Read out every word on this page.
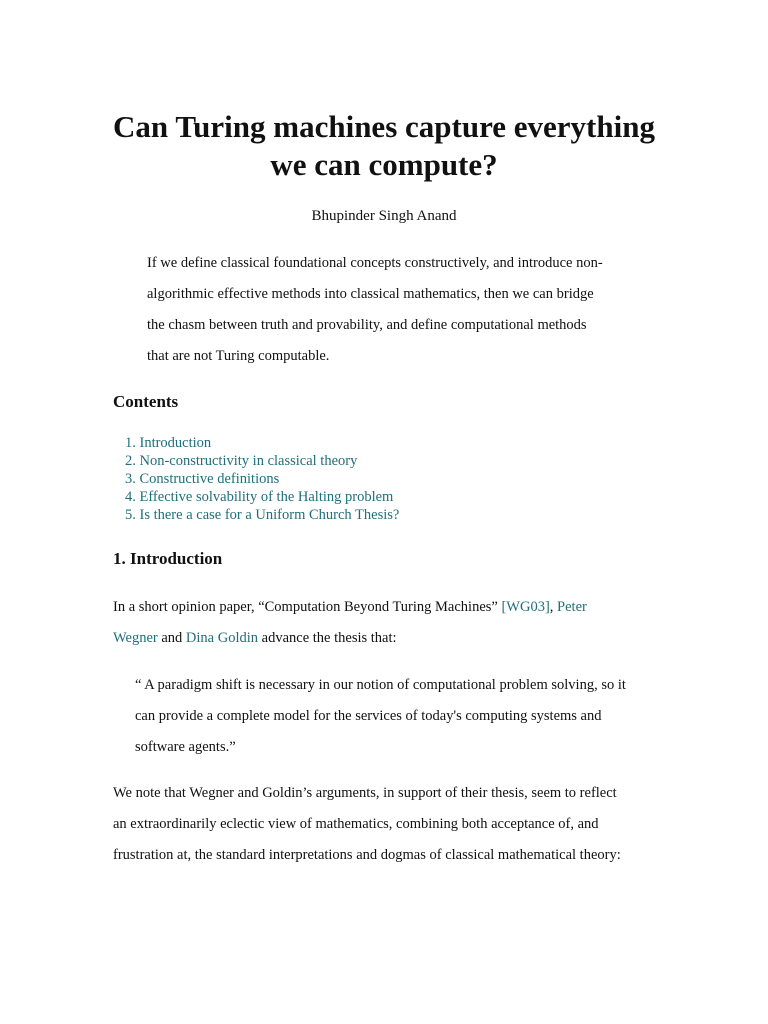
Can Turing machines capture everything
we can compute?
Bhupinder Singh Anand
If we define classical foundational concepts constructively, and introduce non-
algorithmic effective methods into classical mathematics, then we can bridge
the chasm between truth and provability, and define computational methods
that are not Turing computable.
Contents
1. Introduction
2. Non-constructivity in classical theory
3. Constructive definitions
4. Effective solvability of the Halting problem
5. Is there a case for a Uniform Church Thesis?
1. Introduction
In a short opinion paper, “Computation Beyond Turing Machines” [WG03], Peter
Wegner and Dina Goldin advance the thesis that:
“ A paradigm shift is necessary in our notion of computational problem solving, so it
can provide a complete model for the services of today's computing systems and
software agents.”
We note that Wegner and Goldin’s arguments, in support of their thesis, seem to reflect
an extraordinarily eclectic view of mathematics, combining both acceptance of, and
frustration at, the standard interpretations and dogmas of classical mathematical theory:
